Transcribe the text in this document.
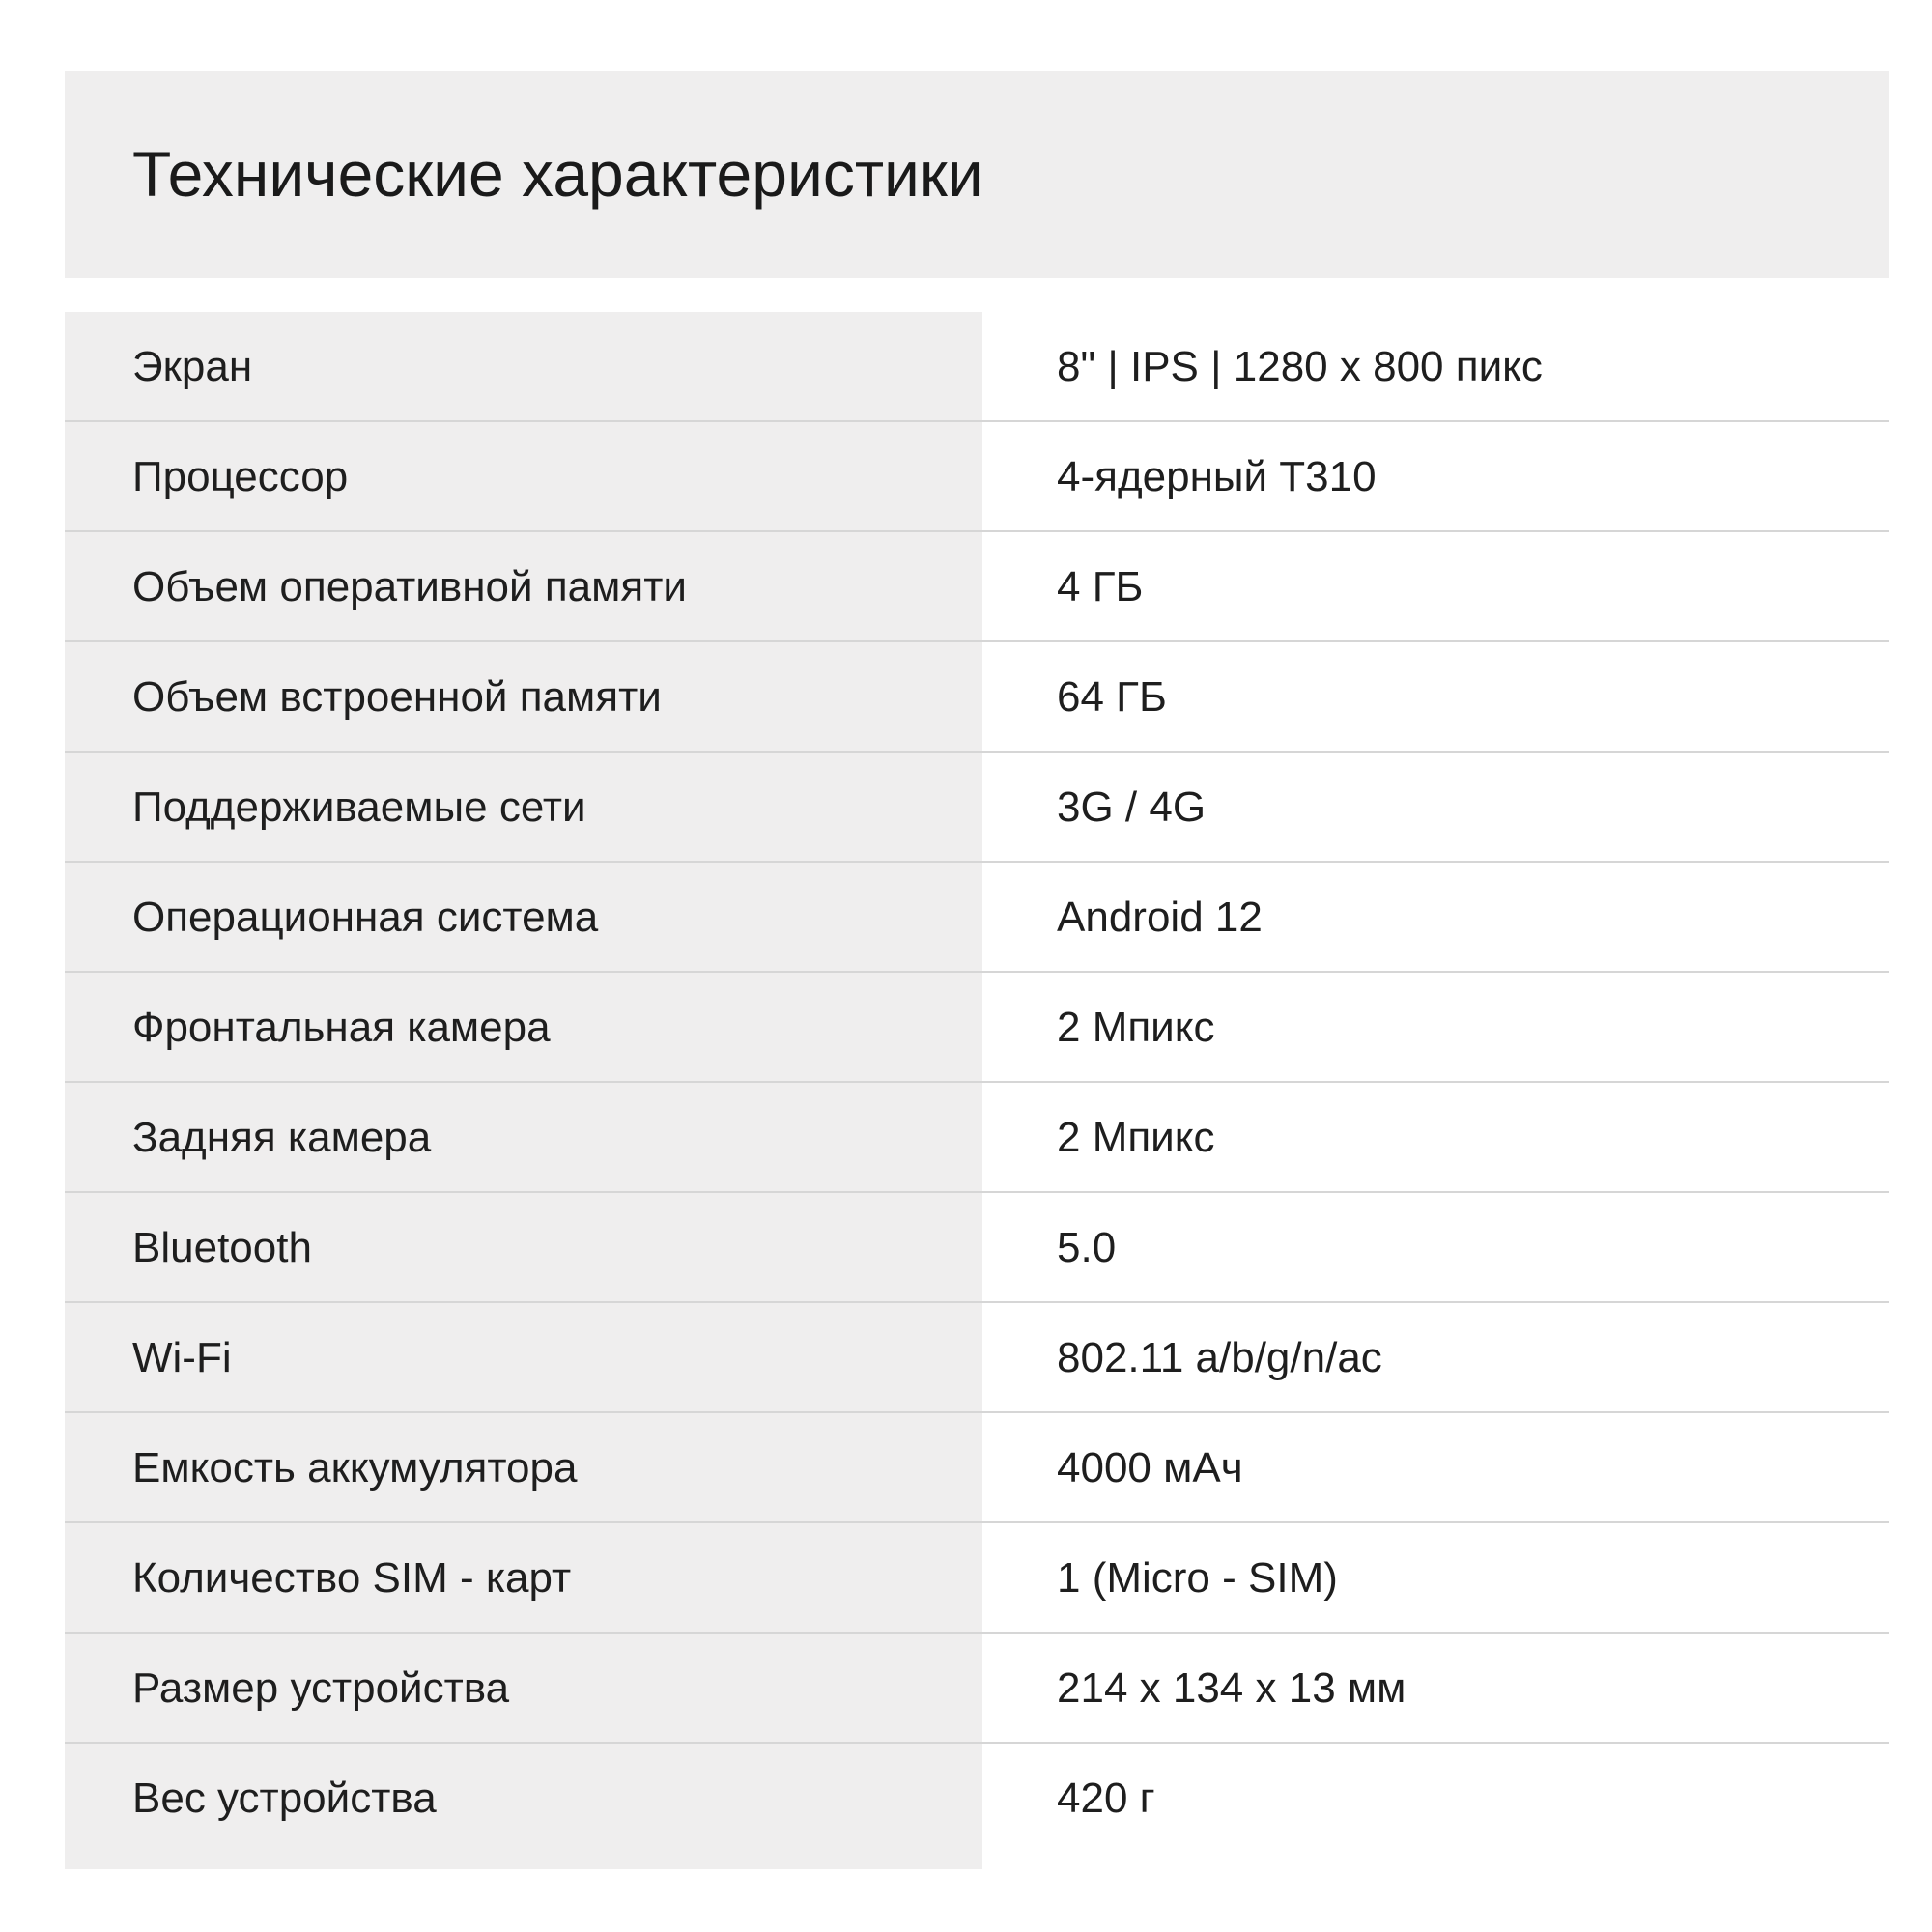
Технические характеристики
Экран	8" | IPS | 1280 x 800 пикс
Процессор	4-ядерный T310
Объем оперативной памяти	4 ГБ
Объем встроенной памяти	64 ГБ
Поддерживаемые сети	3G / 4G
Операционная система	Android 12
Фронтальная камера	2 Мпикс
Задняя камера	2 Мпикс
Bluetooth	5.0
Wi-Fi	802.11 a/b/g/n/ac
Емкость аккумулятора	4000 мАч
Количество SIM - карт	1 (Micro - SIM)
Размер устройства	214 x 134 x 13 мм
Вес устройства	420 г
